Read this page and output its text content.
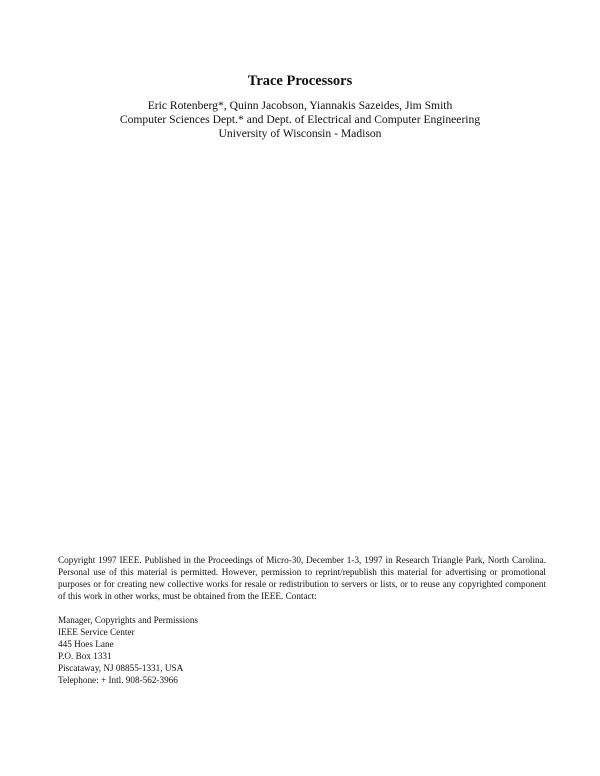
Trace Processors
Eric Rotenberg*, Quinn Jacobson, Yiannakis Sazeides, Jim Smith
Computer Sciences Dept.* and Dept. of Electrical and Computer Engineering
University of Wisconsin - Madison
Copyright 1997 IEEE. Published in the Proceedings of Micro-30, December 1-3, 1997 in Research Triangle Park, North Carolina. Personal use of this material is permitted. However, permission to reprint/republish this material for advertising or promotional purposes or for creating new collective works for resale or redistribution to servers or lists, or to reuse any copyrighted component of this work in other works, must be obtained from the IEEE. Contact:
Manager, Copyrights and Permissions
IEEE Service Center
445 Hoes Lane
P.O. Box 1331
Piscataway, NJ 08855-1331, USA
Telephone: + Intl. 908-562-3966
